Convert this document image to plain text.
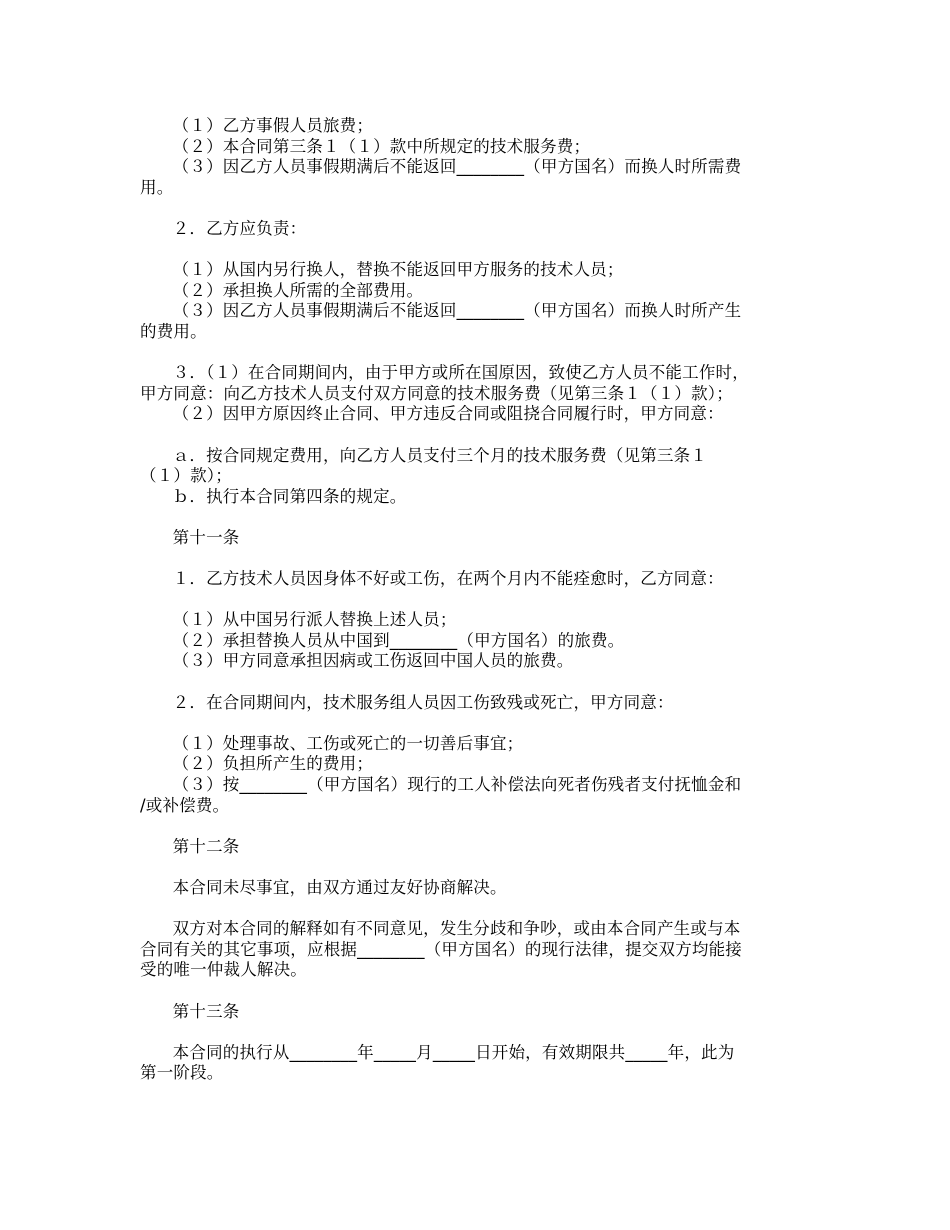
（１）乙方事假人员旅费；
（２）本合同第三条１（１）款中所规定的技术服务费；
（３）因乙方人员事假期满后不能返回________（甲方国名）而换人时所需费
用。
２．乙方应负责：
（１）从国内另行换人，替换不能返回甲方服务的技术人员；
（２）承担换人所需的全部费用。
（３）因乙方人员事假期满后不能返回________（甲方国名）而换人时所产生
的费用。
３．（１）在合同期间内，由于甲方或所在国原因，致使乙方人员不能工作时，
甲方同意：向乙方技术人员支付双方同意的技术服务费（见第三条１（１）款）；
（２）因甲方原因终止合同、甲方违反合同或阻挠合同履行时，甲方同意：
ａ．按合同规定费用，向乙方人员支付三个月的技术服务费（见第三条１
（１）款）；
ｂ．执行本合同第四条的规定。
第十一条
１．乙方技术人员因身体不好或工伤，在两个月内不能痊愈时，乙方同意：
（１）从中国另行派人替换上述人员；
（２）承担替换人员从中国到________（甲方国名）的旅费。
（３）甲方同意承担因病或工伤返回中国人员的旅费。
２．在合同期间内，技术服务组人员因工伤致残或死亡，甲方同意：
（１）处理事故、工伤或死亡的一切善后事宜；
（２）负担所产生的费用；
（３）按________（甲方国名）现行的工人补偿法向死者伤残者支付抚恤金和
/或补偿费。
第十二条
本合同未尽事宜，由双方通过友好协商解决。
双方对本合同的解释如有不同意见，发生分歧和争吵，或由本合同产生或与本
合同有关的其它事项，应根据________（甲方国名）的现行法律，提交双方均能接
受的唯一仲裁人解决。
第十三条
本合同的执行从________年_____月_____日开始，有效期限共_____年，此为
第一阶段。
